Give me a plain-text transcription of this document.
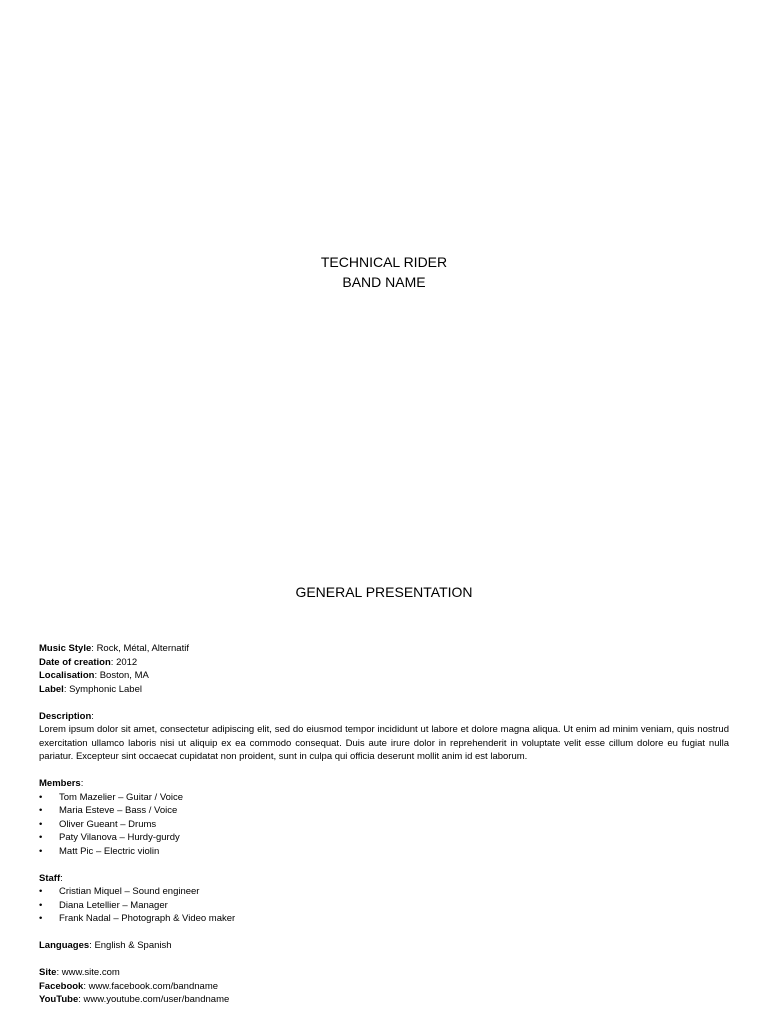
TECHNICAL RIDER
BAND NAME
GENERAL PRESENTATION
Music Style: Rock, Métal, Alternatif
Date of creation: 2012
Localisation: Boston, MA
Label: Symphonic Label
Description:
Lorem ipsum dolor sit amet, consectetur adipiscing elit, sed do eiusmod tempor incididunt ut labore et dolore magna aliqua. Ut enim ad minim veniam, quis nostrud exercitation ullamco laboris nisi ut aliquip ex ea commodo consequat. Duis aute irure dolor in reprehenderit in voluptate velit esse cillum dolore eu fugiat nulla pariatur. Excepteur sint occaecat cupidatat non proident, sunt in culpa qui officia deserunt mollit anim id est laborum.
Members:
• Tom Mazelier – Guitar / Voice
• Maria Esteve – Bass / Voice
• Oliver Gueant – Drums
• Paty Vilanova – Hurdy-gurdy
• Matt Pic – Electric violin
Staff:
• Cristian Miquel – Sound engineer
• Diana Letellier – Manager
• Frank Nadal – Photograph & Video maker
Languages: English & Spanish
Site: www.site.com
Facebook: www.facebook.com/bandname
YouTube: www.youtube.com/user/bandname
